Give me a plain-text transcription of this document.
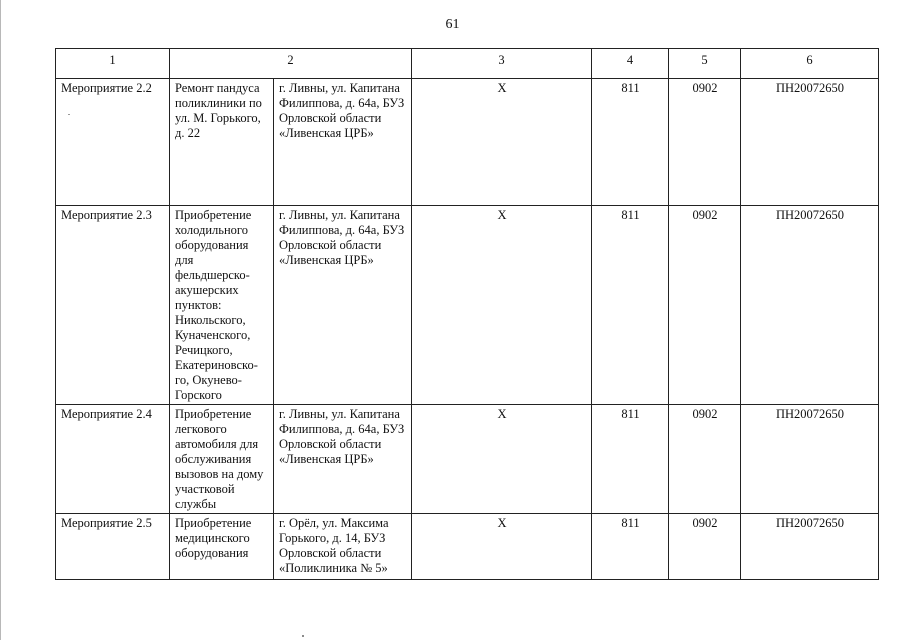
61
1	2		3	4	5	6	
Мероприятие 2.2	Ремонт пандуса поликлиники по ул. М. Горького, д. 22	г. Ливны, ул. Капитана Филиппова, д. 64а, БУЗ Орловской области «Ливенская ЦРБ»	Х	811	0902	ПН20072650	
Мероприятие 2.3	Приобретение холодильного оборудования для фельдшерско-акушерских пунктов: Никольского, Куначенского, Речицкого, Екатериновско-го, Окунево-Горского	г. Ливны, ул. Капитана Филиппова, д. 64а, БУЗ Орловской области «Ливенская ЦРБ»	Х	811	0902	ПН20072650	
Мероприятие 2.4	Приобретение легкового автомобиля для обслуживания вызовов на дому участковой службы	г. Ливны, ул. Капитана Филиппова, д. 64а, БУЗ Орловской области «Ливенская ЦРБ»	Х	811	0902	ПН20072650	
Мероприятие 2.5	Приобретение медицинского оборудования	г. Орёл, ул. Максима Горького, д. 14, БУЗ Орловской области «Поликлиника № 5»	Х	811	0902	ПН20072650	
